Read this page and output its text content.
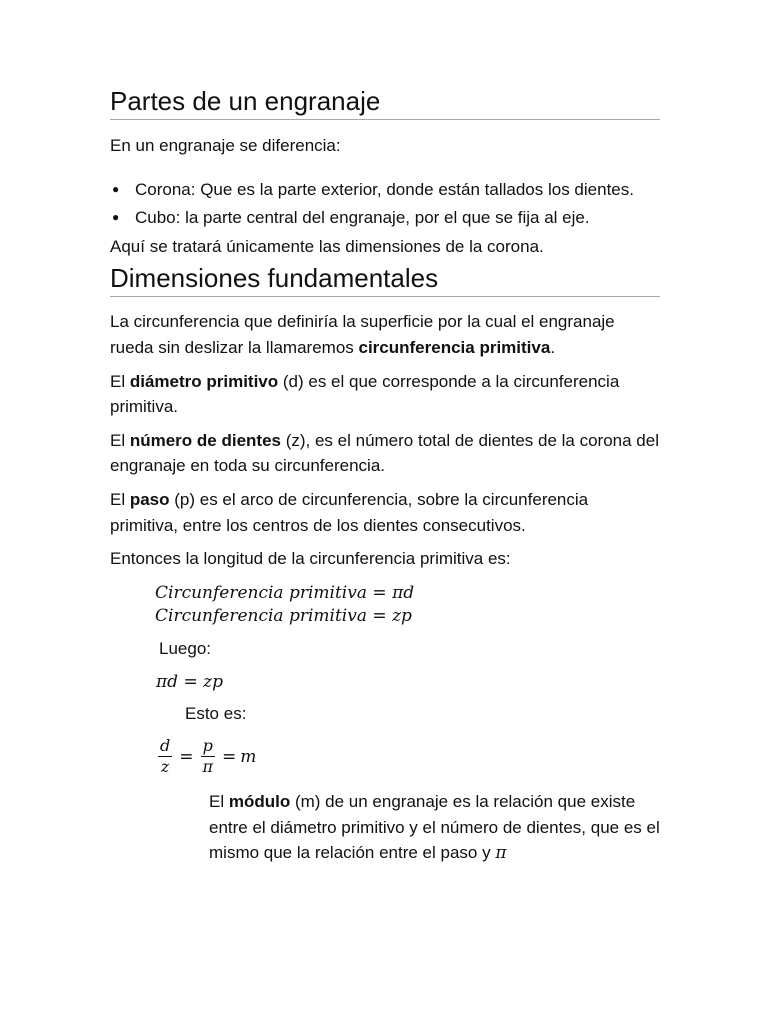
Partes de un engranaje

En un engranaje se diferencia:

● Corona: Que es la parte exterior, donde están tallados los dientes.
● Cubo: la parte central del engranaje, por el que se fija al eje.

Aquí se tratará únicamente las dimensiones de la corona.

Dimensiones fundamentales

La circunferencia que definiría la superficie por la cual el engranaje rueda sin deslizar la llamaremos circunferencia primitiva.

El diámetro primitivo (d) es el que corresponde a la circunferencia primitiva.

El número de dientes (z), es el número total de dientes de la corona del engranaje en toda su circunferencia.

El paso (p) es el arco de circunferencia, sobre la circunferencia primitiva, entre los centros de los dientes consecutivos.

Entonces la longitud de la circunferencia primitiva es:

Circunferencia primitiva = πd
Circunferencia primitiva = zp

Luego:

πd = zp

Esto es:

$\frac{d}{z} = \frac{p}{\pi} = m$

El módulo (m) de un engranaje es la relación que existe entre el diámetro primitivo y el número de dientes, que es el mismo que la relación entre el paso y π
